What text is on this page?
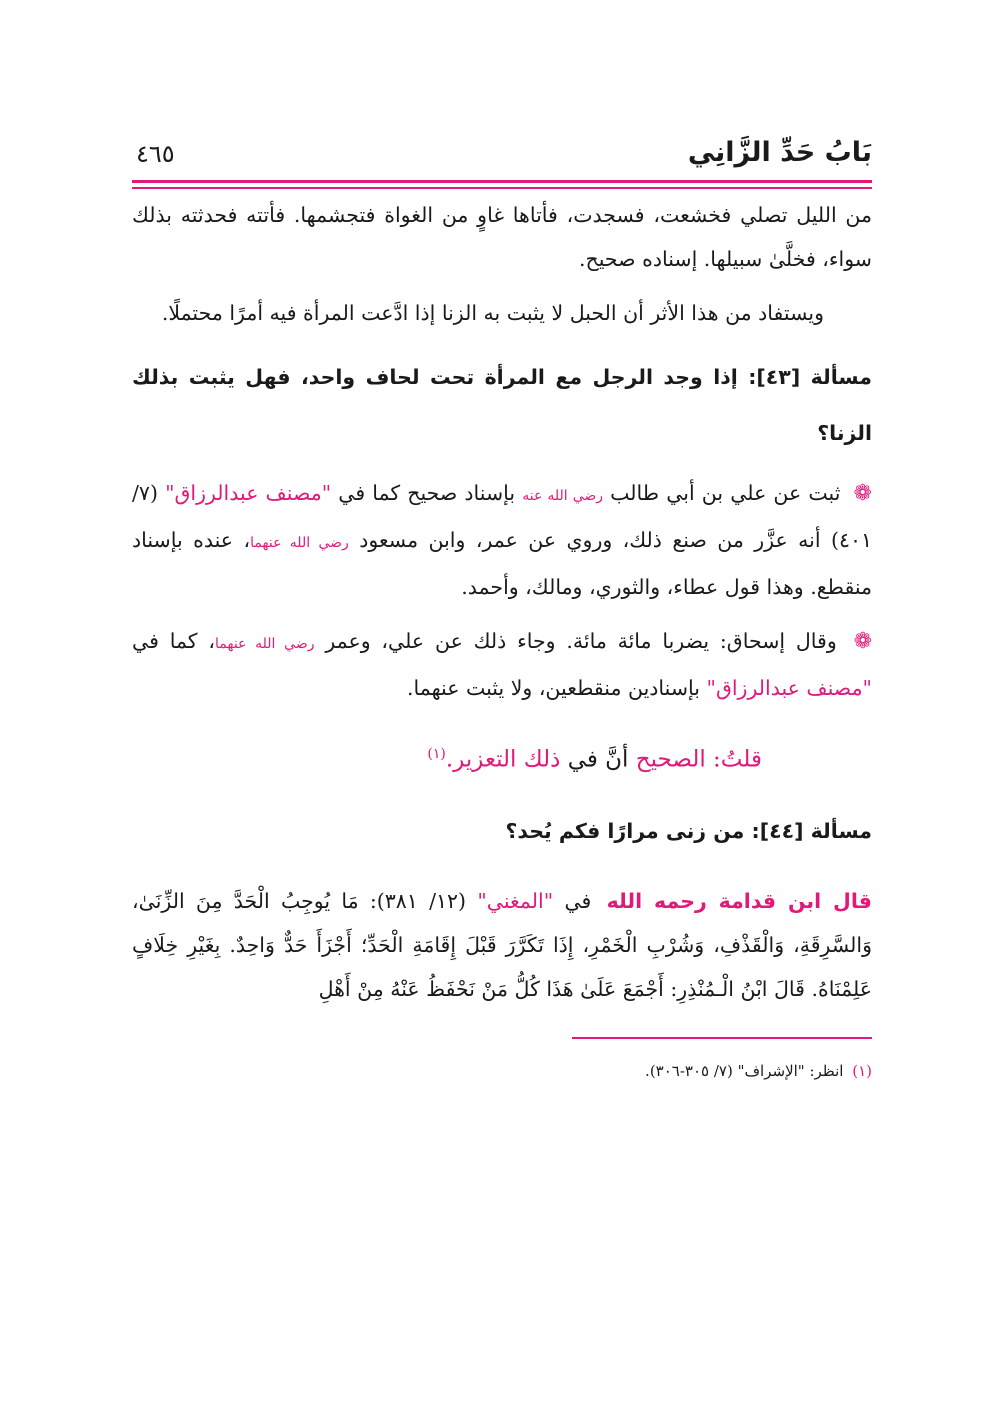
بَابُ حَدِّ الزَّانِي
٤٦٥

من الليل تصلي فخشعت، فسجدت، فأتاها غاوٍ من الغواة فتجشمها. فأتته فحدثته بذلك سواء، فخلَّىٰ سبيلها. إسناده صحيح.

ويستفاد من هذا الأثر أن الحبل لا يثبت به الزنا إذا ادَّعت المرأة فيه أمرًا محتملًا.

مسألة [٤٣]: إذا وجد الرجل مع المرأة تحت لحاف واحد، فهل يثبت بذلك الزنا؟

❁ ثبت عن علي بن أبي طالب رضي الله عنه بإسناد صحيح كما في "مصنف عبدالرزاق" (٧/ ٤٠١) أنه عزَّر من صنع ذلك، وروي عن عمر، وابن مسعود رضي الله عنهما، عنده بإسناد منقطع. وهذا قول عطاء، والثوري، ومالك، وأحمد.

❁ وقال إسحاق: يضربا مائة مائة. وجاء ذلك عن علي، وعمر رضي الله عنهما، كما في "مصنف عبدالرزاق" بإسنادين منقطعين، ولا يثبت عنهما.

قلتُ: الصحيح أنَّ في ذلك التعزير.$^{(١)}$

مسألة [٤٤]: من زنى مرارًا فكم يُحد؟

قال ابن قدامة رحمه الله في "المغني" (١٢/ ٣٨١): مَا يُوجِبُ الْحَدَّ مِنَ الزِّنَىٰ، وَالسَّرِقَةِ، وَالْقَذْفِ، وَشُرْبِ الْخَمْرِ، إِذَا تَكَرَّرَ قَبْلَ إِقَامَةِ الْحَدِّ؛ أَجْزَأَ حَدٌّ وَاحِدٌ. بِغَيْرِ خِلَافٍ عَلِمْنَاهُ. قَالَ ابْنُ الْـمُنْذِرِ: أَجْمَعَ عَلَىٰ هَذَا كُلُّ مَنْ نَحْفَظُ عَنْهُ مِنْ أَهْلِ

(١) انظر: "الإشراف" (٧/ ٣٠٥-٣٠٦).
